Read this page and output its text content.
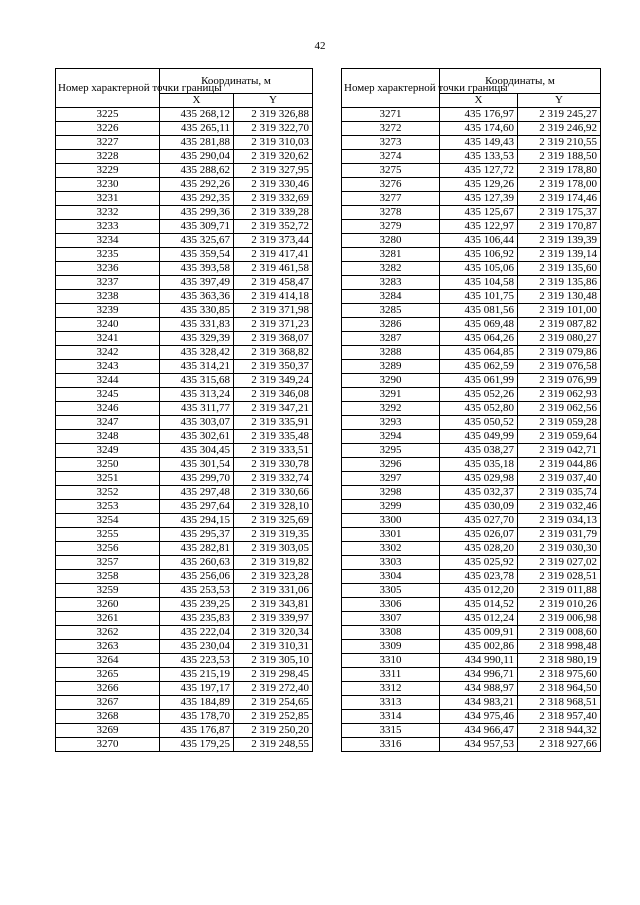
42
Номер характерной точки границы	Координаты, м	
	X	Y
3225	435 268,12	2 319 326,88
3226	435 265,11	2 319 322,70
3227	435 281,88	2 319 310,03
3228	435 290,04	2 319 320,62
3229	435 288,62	2 319 327,95
3230	435 292,26	2 319 330,46
3231	435 292,35	2 319 332,69
3232	435 299,36	2 319 339,28
3233	435 309,71	2 319 352,72
3234	435 325,67	2 319 373,44
3235	435 359,54	2 319 417,41
3236	435 393,58	2 319 461,58
3237	435 397,49	2 319 458,47
3238	435 363,36	2 319 414,18
3239	435 330,85	2 319 371,98
3240	435 331,83	2 319 371,23
3241	435 329,39	2 319 368,07
3242	435 328,42	2 319 368,82
3243	435 314,21	2 319 350,37
3244	435 315,68	2 319 349,24
3245	435 313,24	2 319 346,08
3246	435 311,77	2 319 347,21
3247	435 303,07	2 319 335,91
3248	435 302,61	2 319 335,48
3249	435 304,45	2 319 333,51
3250	435 301,54	2 319 330,78
3251	435 299,70	2 319 332,74
3252	435 297,48	2 319 330,66
3253	435 297,64	2 319 328,10
3254	435 294,15	2 319 325,69
3255	435 295,37	2 319 319,35
3256	435 282,81	2 319 303,05
3257	435 260,63	2 319 319,82
3258	435 256,06	2 319 323,28
3259	435 253,53	2 319 331,06
3260	435 239,25	2 319 343,81
3261	435 235,83	2 319 339,97
3262	435 222,04	2 319 320,34
3263	435 230,04	2 319 310,31
3264	435 223,53	2 319 305,10
3265	435 215,19	2 319 298,45
3266	435 197,17	2 319 272,40
3267	435 184,89	2 319 254,65
3268	435 178,70	2 319 252,85
3269	435 176,87	2 319 250,20
3270	435 179,25	2 319 248,55
Номер характерной точки границы	Координаты, м	
	X	Y
3271	435 176,97	2 319 245,27
3272	435 174,60	2 319 246,92
3273	435 149,43	2 319 210,55
3274	435 133,53	2 319 188,50
3275	435 127,72	2 319 178,80
3276	435 129,26	2 319 178,00
3277	435 127,39	2 319 174,46
3278	435 125,67	2 319 175,37
3279	435 122,97	2 319 170,87
3280	435 106,44	2 319 139,39
3281	435 106,92	2 319 139,14
3282	435 105,06	2 319 135,60
3283	435 104,58	2 319 135,86
3284	435 101,75	2 319 130,48
3285	435 081,56	2 319 101,00
3286	435 069,48	2 319 087,82
3287	435 064,26	2 319 080,27
3288	435 064,85	2 319 079,86
3289	435 062,59	2 319 076,58
3290	435 061,99	2 319 076,99
3291	435 052,26	2 319 062,93
3292	435 052,80	2 319 062,56
3293	435 050,52	2 319 059,28
3294	435 049,99	2 319 059,64
3295	435 038,27	2 319 042,71
3296	435 035,18	2 319 044,86
3297	435 029,98	2 319 037,40
3298	435 032,37	2 319 035,74
3299	435 030,09	2 319 032,46
3300	435 027,70	2 319 034,13
3301	435 026,07	2 319 031,79
3302	435 028,20	2 319 030,30
3303	435 025,92	2 319 027,02
3304	435 023,78	2 319 028,51
3305	435 012,20	2 319 011,88
3306	435 014,52	2 319 010,26
3307	435 012,24	2 319 006,98
3308	435 009,91	2 319 008,60
3309	435 002,86	2 318 998,48
3310	434 990,11	2 318 980,19
3311	434 996,71	2 318 975,60
3312	434 988,97	2 318 964,50
3313	434 983,21	2 318 968,51
3314	434 975,46	2 318 957,40
3315	434 966,47	2 318 944,32
3316	434 957,53	2 318 927,66
